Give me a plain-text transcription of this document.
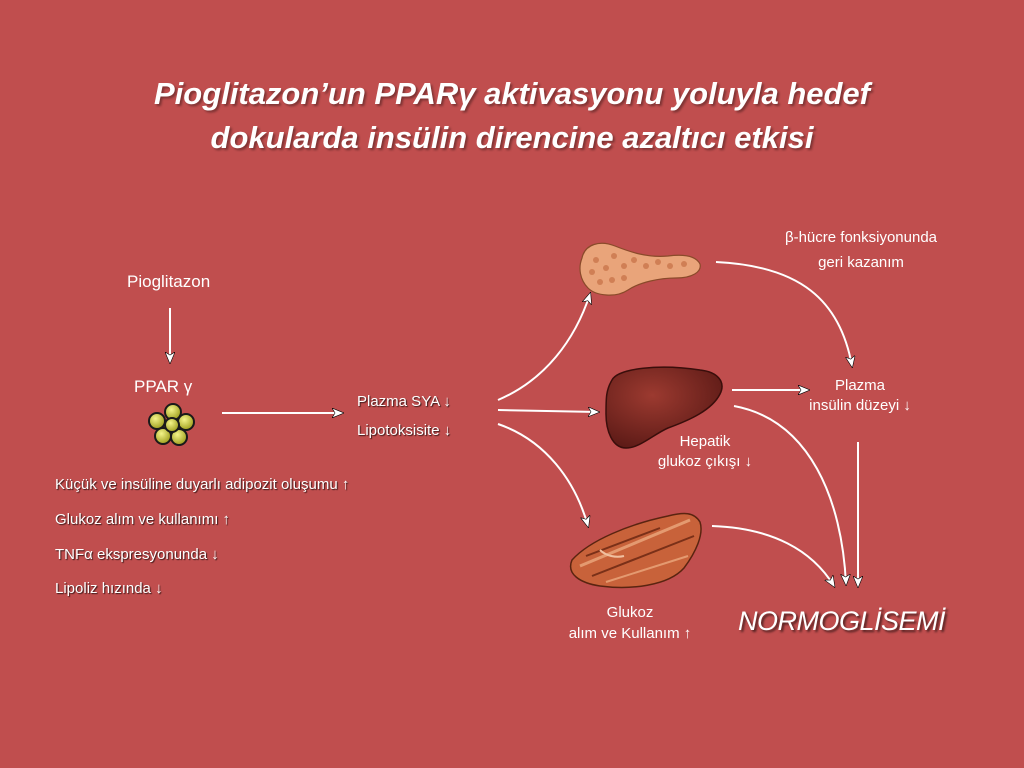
Pioglitazon’un PPARγ aktivasyonu yoluyla hedef
dokularda insülin direncine azaltıcı etkisi
Pioglitazon
PPAR γ
Küçük ve insüline duyarlı adipozit oluşumu ↑
Glukoz alım ve kullanımı ↑
TNFα ekspresyonunda ↓
Lipoliz hızında ↓
Plazma SYA ↓
Lipotoksisite ↓
β-hücre fonksiyonunda
geri kazanım
Plazma
insülin düzeyi ↓
Hepatik
glukoz çıkışı ↓
Glukoz
alım ve Kullanım ↑	NORMOGLİSEMİ
